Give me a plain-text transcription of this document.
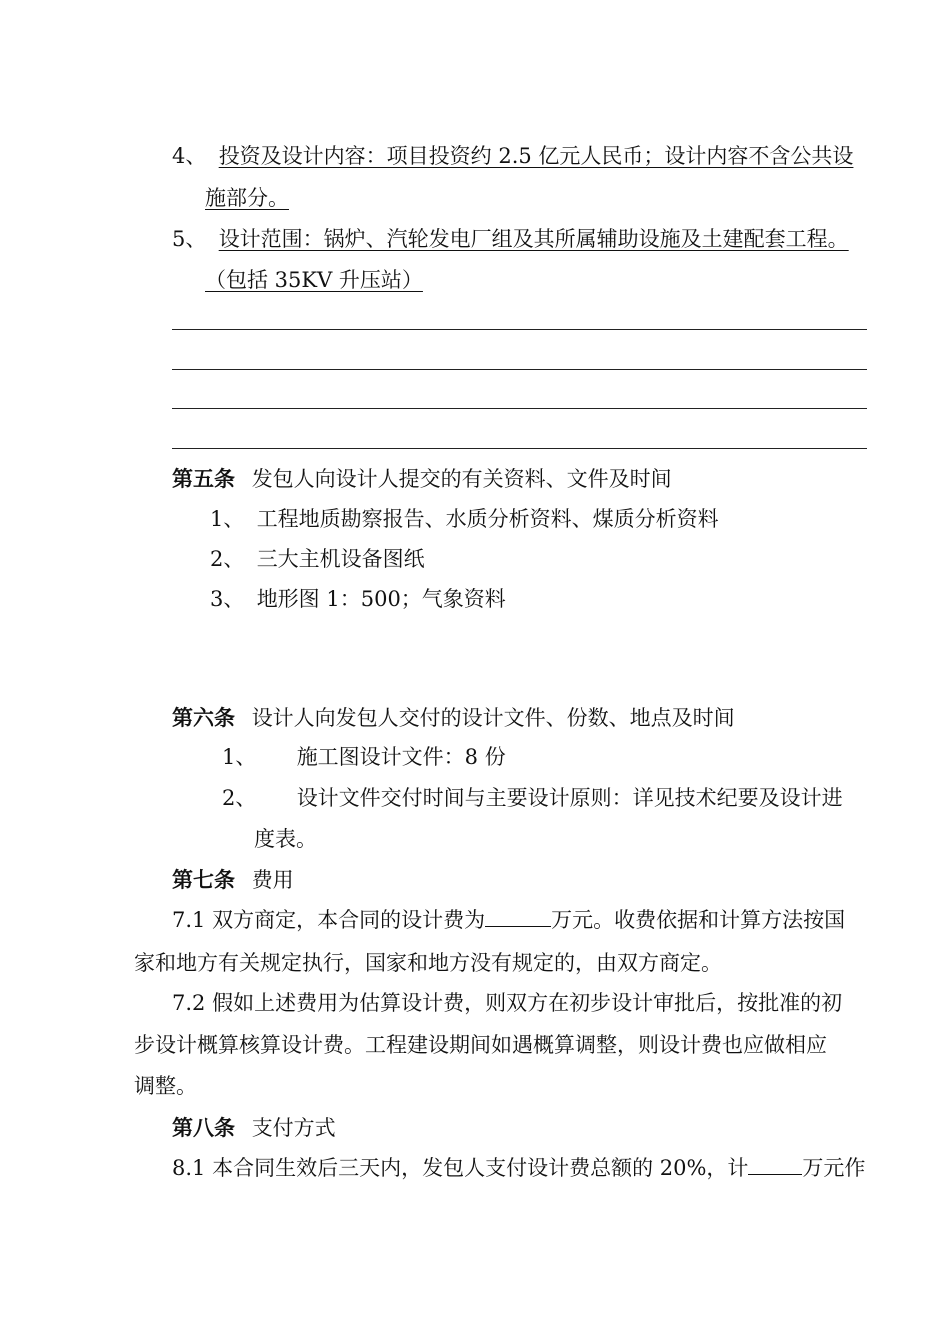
4、 投资及设计内容：项目投资约 2.5 亿元人民币；设计内容不含公共设
施部分。
5、 设计范围：锅炉、汽轮发电厂组及其所属辅助设施及土建配套工程。
（包括 35KV 升压站）
第五条 发包人向设计人提交的有关资料、文件及时间
1、 工程地质勘察报告、水质分析资料、煤质分析资料
2、 三大主机设备图纸
3、 地形图 1：500；气象资料
第六条 设计人向发包人交付的设计文件、份数、地点及时间
1、 施工图设计文件：8 份
2、 设计文件交付时间与主要设计原则：详见技术纪要及设计进
度表。
第七条 费用
7.1 双方商定，本合同的设计费为	万元。收费依据和计算方法按国
家和地方有关规定执行，国家和地方没有规定的，由双方商定。
7.2 假如上述费用为估算设计费，则双方在初步设计审批后，按批准的初
步设计概算核算设计费。工程建设期间如遇概算调整，则设计费也应做相应
调整。
第八条 支付方式
8.1 本合同生效后三天内，发包人支付设计费总额的 20%，计	万元作
